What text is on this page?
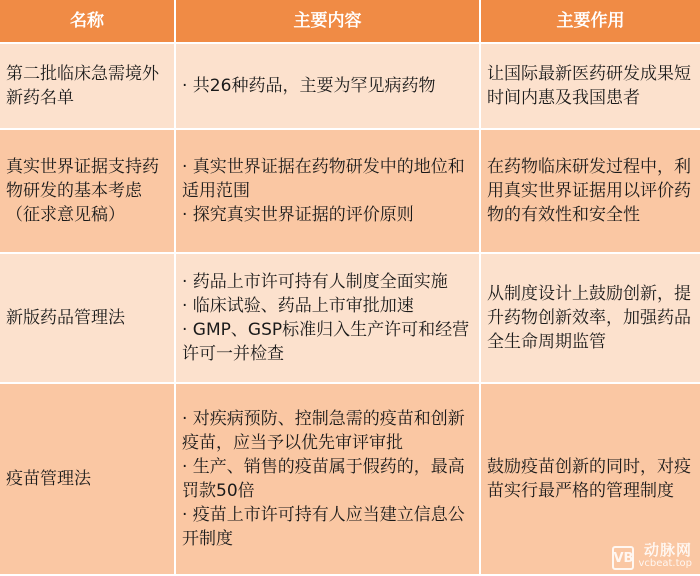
名称	主要内容	主要作用
第二批临床急需境外新药名单
· 共26种药品，主要为罕见病药物
让国际最新医药研发成果短时间内惠及我国患者
真实世界证据支持药物研发的基本考虑（征求意见稿）
· 真实世界证据在药物研发中的地位和适用范围
· 探究真实世界证据的评价原则
在药物临床研发过程中，利用真实世界证据用以评价药物的有效性和安全性
新版药品管理法
· 药品上市许可持有人制度全面实施
· 临床试验、药品上市审批加速
· GMP、GSP标准归入生产许可和经营许可一并检查
从制度设计上鼓励创新，提升药物创新效率，加强药品全生命周期监管
疫苗管理法
· 对疾病预防、控制急需的疫苗和创新疫苗，应当予以优先审评审批
· 生产、销售的疫苗属于假药的，最高罚款50倍
· 疫苗上市许可持有人应当建立信息公开制度
鼓励疫苗创新的同时，对疫苗实行最严格的管理制度
VB 动脉网
vcbeat.top
